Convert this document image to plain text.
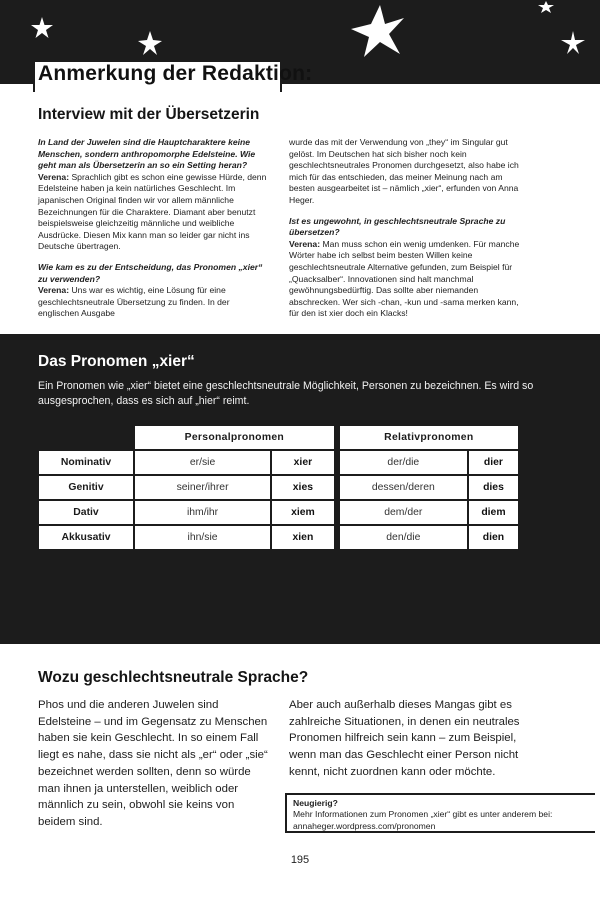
Anmerkung der Redaktion:
Interview mit der Übersetzerin

In Land der Juwelen sind die Hauptcharaktere keine Menschen, sondern anthropomorphe Edelsteine. Wie geht man als Übersetzerin an so ein Setting heran?
Verena: Sprachlich gibt es schon eine gewisse Hürde, denn Edelsteine haben ja kein natürliches Geschlecht. Im japanischen Original finden wir vor allem männliche Bezeichnungen für die Charaktere. Diamant aber benutzt beispielsweise gleichzeitig männliche und weibliche Ausdrücke. Diesen Mix kann man so leider gar nicht ins Deutsche übertragen.

Wie kam es zu der Entscheidung, das Pronomen „xier“ zu verwenden?
Verena: Uns war es wichtig, eine Lösung für eine geschlechtsneutrale Übersetzung zu finden. In der englischen Ausgabe

wurde das mit der Verwendung von „they“ im Singular gut gelöst. Im Deutschen hat sich bisher noch kein geschlechtsneutrales Pronomen durchgesetzt, also habe ich mich für das entschieden, das meiner Meinung nach am besten ausgearbeitet ist – nämlich „xier“, erfunden von Anna Heger.

Ist es ungewohnt, in geschlechtsneutrale Sprache zu übersetzen?
Verena: Man muss schon ein wenig umdenken. Für manche Wörter habe ich selbst beim besten Willen keine geschlechtsneutrale Alternative gefunden, zum Beispiel für „Quacksalber“. Innovationen sind halt manchmal gewöhnungsbedürftig. Das sollte aber niemanden abschrecken. Wer sich -chan, -kun und -sama merken kann, für den ist xier doch ein Klacks!

Das Pronomen „xier“
Ein Pronomen wie „xier“ bietet eine geschlechtsneutrale Möglichkeit, Personen zu bezeichnen. Es wird so ausgesprochen, dass es sich auf „hier“ reimt.
	Personalpronomen			Relativpronomen	
Nominativ	er/sie	xier		der/die	dier
Genitiv	seiner/ihrer	xies		dessen/deren	dies
Dativ	ihm/ihr	xiem		dem/der	diem
Akkusativ	ihn/sie	xien		den/die	dien
Wozu geschlechtsneutrale Sprache?
Phos und die anderen Juwelen sind Edelsteine – und im Gegensatz zu Menschen haben sie kein Geschlecht. In so einem Fall liegt es nahe, dass sie nicht als „er“ oder „sie“ bezeichnet werden sollten, denn so würde man ihnen ja unterstellen, weiblich oder männlich zu sein, obwohl sie keins von beidem sind.
Aber auch außerhalb dieses Mangas gibt es zahlreiche Situationen, in denen ein neutrales Pronomen hilfreich sein kann – zum Beispiel, wenn man das Geschlecht einer Person nicht kennt, nicht zuordnen kann oder möchte.
Neugierig?
Mehr Informationen zum Pronomen „xier“ gibt es unter anderem bei: annaheger.wordpress.com/pronomen
195
